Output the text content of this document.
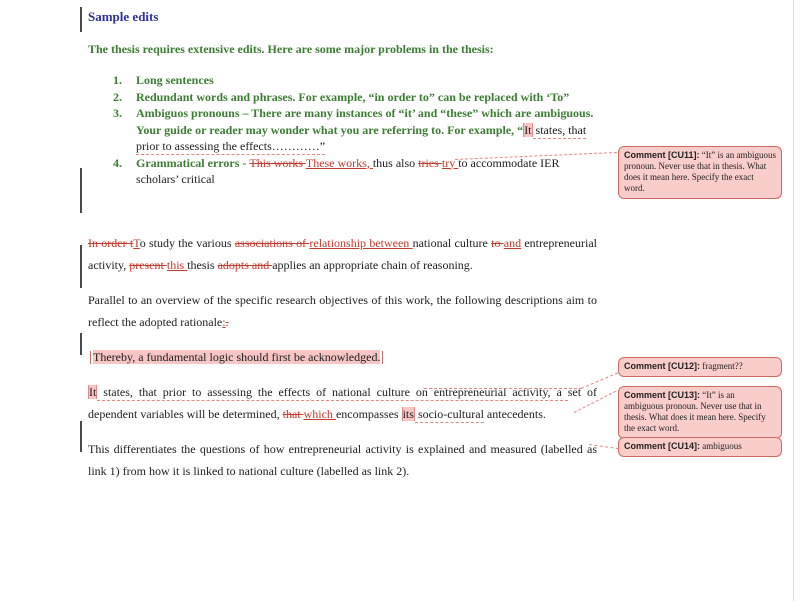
Sample edits

The thesis requires extensive edits. Here are some major problems in the thesis:

1.	Long sentences
2.	Redundant words and phrases. For example, “in order to” can be replaced with ‘To”
3.	Ambiguos pronouns – There are many instances of “it’ and “these” which are ambiguous. Your guide or reader may wonder what you are referring to. For example, “It states, that prior to assessing the effects…………”
4.	Grammatical errors - This works These works, thus also tries try to accommodate IER scholars’ critical

In order tTo study the various associations of relationship between national culture to and entrepreneurial activity, present this thesis adopts and applies an appropriate chain of reasoning.

Parallel to an overview of the specific research objectives of this work, the following descriptions aim to reflect the adopted rationale:.

Thereby, a fundamental logic should first be acknowledged.

It states, that prior to assessing the effects of national culture on entrepreneurial activity, a set of dependent variables will be determined, that which encompasses its socio-cultural antecedents.

This differentiates the questions of how entrepreneurial activity is explained and measured (labelled as link 1) from how it is linked to national culture (labelled as link 2).

Comment [CU11]: “It” is an ambiguous pronoun. Never use that in thesis. What does it mean here. Specify the exact word.
Comment [CU12]: fragment??
Comment [CU13]: “It” is an ambiguous pronoun. Never use that in thesis. What does it mean here. Specify the exact word.
Comment [CU14]: ambiguous
